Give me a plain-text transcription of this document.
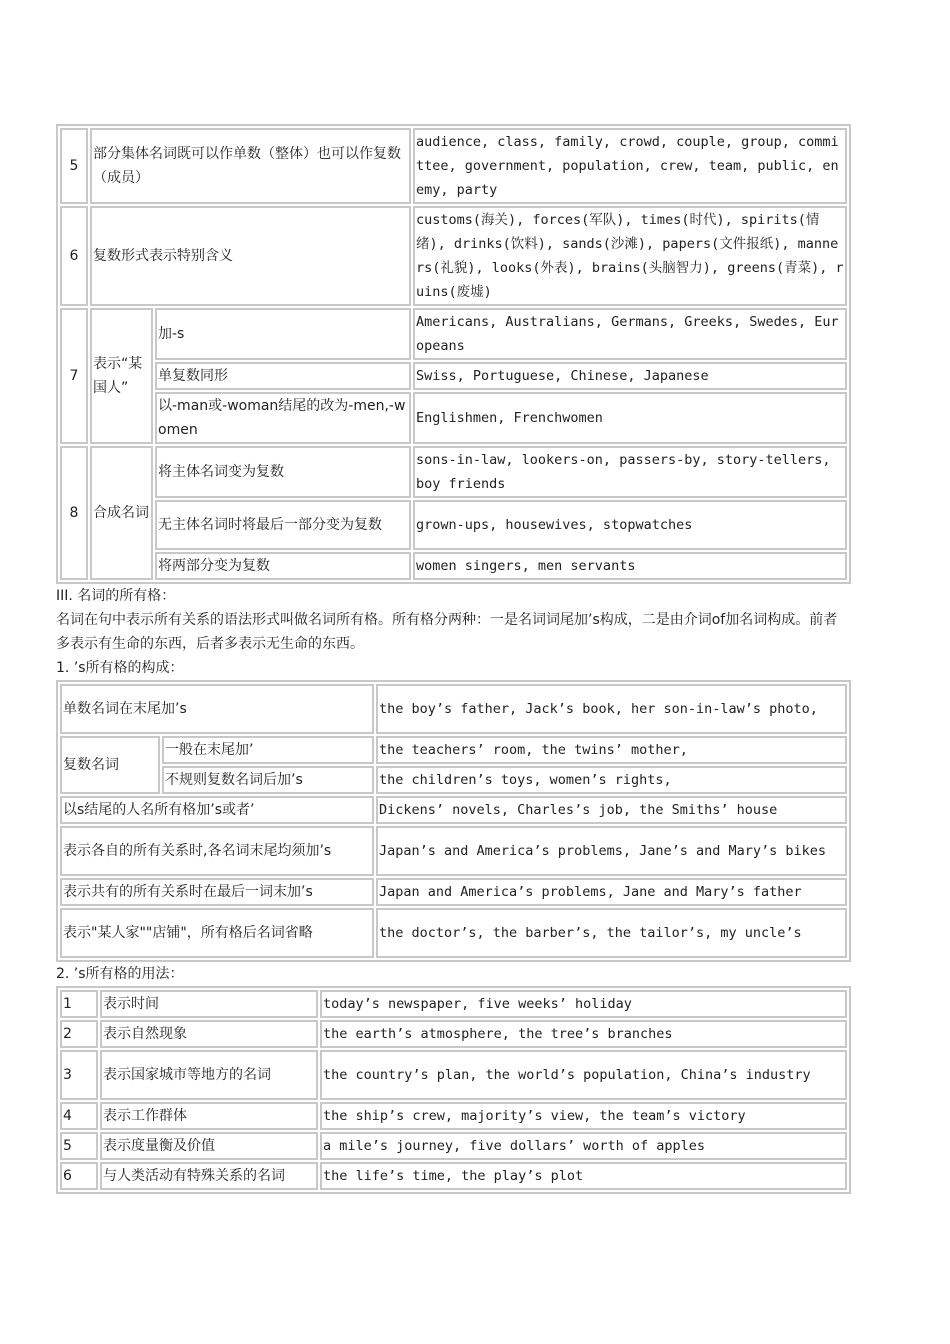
5	部分集体名词既可以作单数（整体）也可以作复数（成员）		audience, class, family, crowd, couple, group, committee, government, population, crew, team, public, enemy, party
6	复数形式表示特别含义		customs(海关), forces(军队), times(时代), spirits(情绪), drinks(饮料), sands(沙滩), papers(文件报纸), manners(礼貌), looks(外表), brains(头脑智力), greens(青菜), ruins(废墟)
7	表示“某国人”	加-s	Americans, Australians, Germans, Greeks, Swedes, Europeans
		单复数同形	Swiss, Portuguese, Chinese, Japanese
		以-man或-woman结尾的改为-men,-women	Englishmen, Frenchwomen
8	合成名词	将主体名词变为复数	sons-in-law, lookers-on, passers-by, story-tellers, boy friends
		无主体名词时将最后一部分变为复数	grown-ups, housewives, stopwatches
		将两部分变为复数	women singers, men servants

III. 名词的所有格：

名词在句中表示所有关系的语法形式叫做名词所有格。所有格分两种：一是名词词尾加’s构成，二是由介词of加名词构成。前者多表示有生命的东西，后者多表示无生命的东西。

1. ’s所有格的构成：

单数名词在末尾加’s		the boy’s father, Jack’s book, her son-in-law’s photo,
复数名词	一般在末尾加’	the teachers’ room, the twins’ mother,
	不规则复数名词后加’s	the children’s toys, women’s rights,
以s结尾的人名所有格加’s或者’		Dickens’ novels, Charles’s job, the Smiths’ house
表示各自的所有关系时,各名词末尾均须加’s		Japan’s and America’s problems, Jane’s and Mary’s bikes
表示共有的所有关系时在最后一词末加’s		Japan and America’s problems, Jane and Mary’s father
表示"某人家""店铺"，所有格后名词省略		the doctor’s, the barber’s, the tailor’s, my uncle’s

2. ’s所有格的用法：

1	表示时间	today’s newspaper, five weeks’ holiday
2	表示自然现象	the earth’s atmosphere, the tree’s branches
3	表示国家城市等地方的名词	the country’s plan, the world’s population, China’s industry
4	表示工作群体	the ship’s crew, majority’s view, the team’s victory
5	表示度量衡及价值	a mile’s journey, five dollars’ worth of apples
6	与人类活动有特殊关系的名词	the life’s time, the play’s plot
